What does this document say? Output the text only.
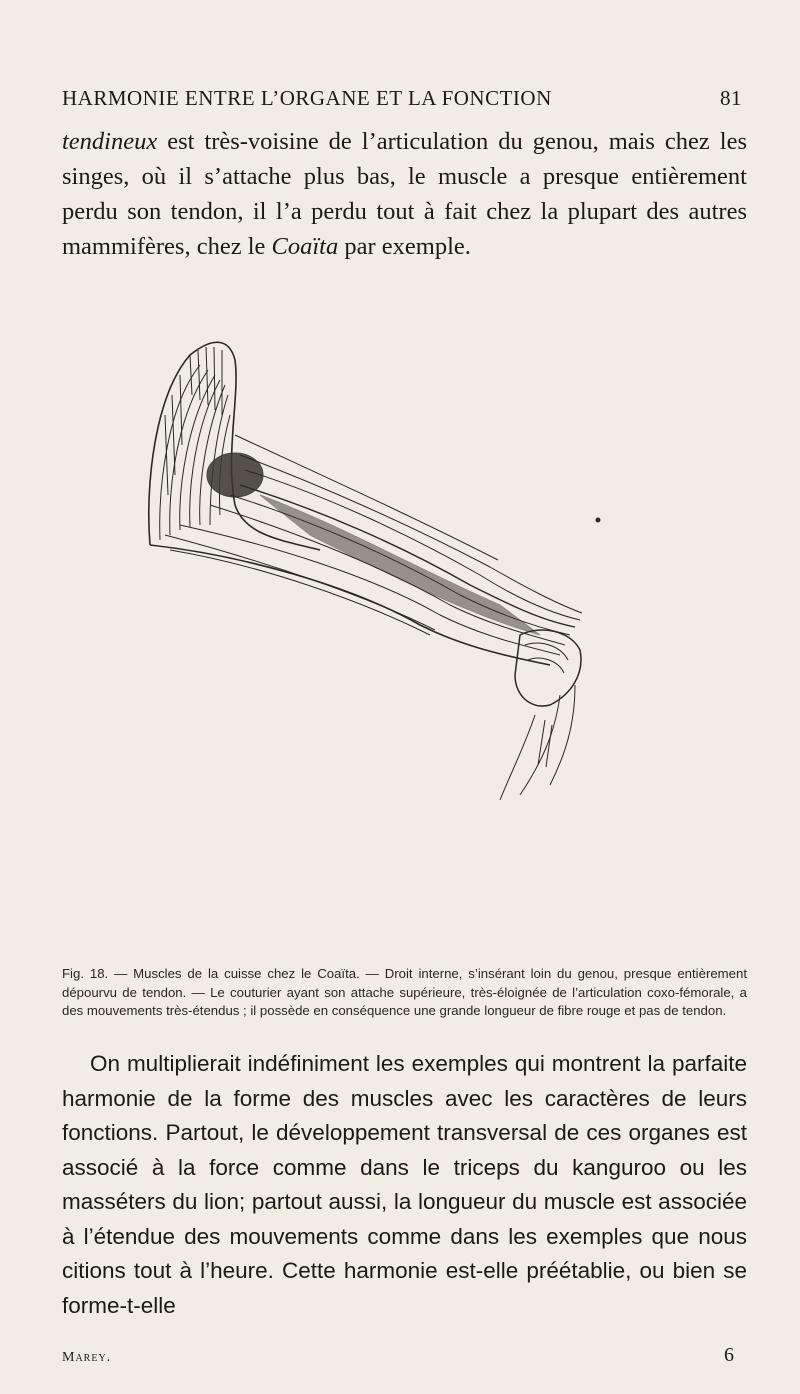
HARMONIE ENTRE L’ORGANE ET LA FONCTION	81
tendineux est très-voisine de l’articulation du genou, mais chez les singes, où il s’attache plus bas, le muscle a presque entièrement perdu son tendon, il l’a perdu tout à fait chez la plupart des autres mammifères, chez le Coaïta par exemple.
Fig. 18. — Muscles de la cuisse chez le Coaïta. — Droit interne, s’insérant loin du genou, presque entièrement dépourvu de tendon. — Le couturier ayant son attache supérieure, très-éloignée de l’articulation coxo-fémorale, a des mouvements très-étendus ; il possède en conséquence une grande longueur de fibre rouge et pas de tendon.
On multiplierait indéfiniment les exemples qui montrent la parfaite harmonie de la forme des muscles avec les caractères de leurs fonctions. Partout, le développement transversal de ces organes est associé à la force comme dans le triceps du kanguroo ou les masséters du lion; partout aussi, la longueur du muscle est associée à l’étendue des mouvements comme dans les exemples que nous citions tout à l’heure. Cette harmonie est-elle préétablie, ou bien se forme-t-elle
Marey.	6
